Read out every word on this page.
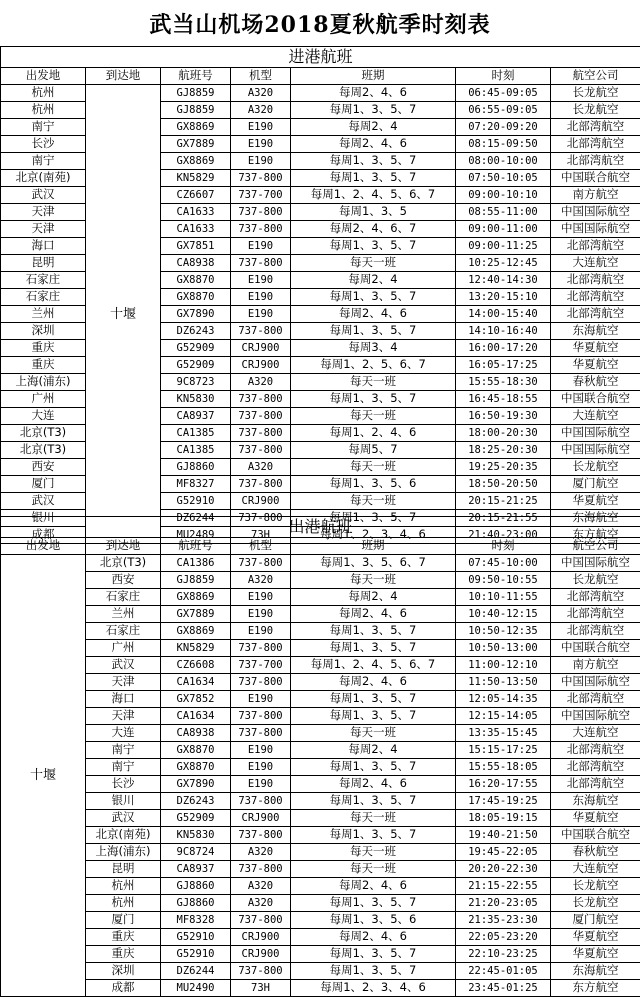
武当山机场2018夏秋航季时刻表
进港航班						
出发地	到达地	航班号	机型	班期	时刻	航空公司
杭州	十堰	GJ8859	A320	每周2、4、6	06:45-09:05	长龙航空
杭州		GJ8859	A320	每周1、3、5、7	06:55-09:05	长龙航空
南宁		GX8869	E190	每周2、4	07:20-09:20	北部湾航空
长沙		GX7889	E190	每周2、4、6	08:15-09:50	北部湾航空
南宁		GX8869	E190	每周1、3、5、7	08:00-10:00	北部湾航空
北京(南苑)		KN5829	737-800	每周1、3、5、7	07:50-10:05	中国联合航空
武汉		CZ6607	737-700	每周1、2、4、5、6、7	09:00-10:10	南方航空
天津		CA1633	737-800	每周1、3、5	08:55-11:00	中国国际航空
天津		CA1633	737-800	每周2、4、6、7	09:00-11:00	中国国际航空
海口		GX7851	E190	每周1、3、5、7	09:00-11:25	北部湾航空
昆明		CA8938	737-800	每天一班	10:25-12:45	大连航空
石家庄		GX8870	E190	每周2、4	12:40-14:30	北部湾航空
石家庄		GX8870	E190	每周1、3、5、7	13:20-15:10	北部湾航空
兰州		GX7890	E190	每周2、4、6	14:00-15:40	北部湾航空
深圳		DZ6243	737-800	每周1、3、5、7	14:10-16:40	东海航空
重庆		G52909	CRJ900	每周3、4	16:00-17:20	华夏航空
重庆		G52909	CRJ900	每周1、2、5、6、7	16:05-17:25	华夏航空
上海(浦东)		9C8723	A320	每天一班	15:55-18:30	春秋航空
广州		KN5830	737-800	每周1、3、5、7	16:45-18:55	中国联合航空
大连		CA8937	737-800	每天一班	16:50-19:30	大连航空
北京(T3)		CA1385	737-800	每周1、2、4、6	18:00-20:30	中国国际航空
北京(T3)		CA1385	737-800	每周5、7	18:25-20:30	中国国际航空
西安		GJ8860	A320	每天一班	19:25-20:35	长龙航空
厦门		MF8327	737-800	每周1、3、5、6	18:50-20:50	厦门航空
武汉		G52910	CRJ900	每天一班	20:15-21:25	华夏航空
银川		DZ6244	737-800	每周1、3、5、7	20:15-21:55	东海航空
成都		MU2489	73H	每周1、2、3、4、6	21:40-23:00	东方航空
出港航班						
出发地	到达地	航班号	机型	班期	时刻	航空公司
十堰	北京(T3)	CA1386	737-800	每周1、3、5、6、7	07:45-10:00	中国国际航空
	西安	GJ8859	A320	每天一班	09:50-10:55	长龙航空
	石家庄	GX8869	E190	每周2、4	10:10-11:55	北部湾航空
	兰州	GX7889	E190	每周2、4、6	10:40-12:15	北部湾航空
	石家庄	GX8869	E190	每周1、3、5、7	10:50-12:35	北部湾航空
	广州	KN5829	737-800	每周1、3、5、7	10:50-13:00	中国联合航空
	武汉	CZ6608	737-700	每周1、2、4、5、6、7	11:00-12:10	南方航空
	天津	CA1634	737-800	每周2、4、6	11:50-13:50	中国国际航空
	海口	GX7852	E190	每周1、3、5、7	12:05-14:35	北部湾航空
	天津	CA1634	737-800	每周1、3、5、7	12:15-14:05	中国国际航空
	大连	CA8938	737-800	每天一班	13:35-15:45	大连航空
	南宁	GX8870	E190	每周2、4	15:15-17:25	北部湾航空
	南宁	GX8870	E190	每周1、3、5、7	15:55-18:05	北部湾航空
	长沙	GX7890	E190	每周2、4、6	16:20-17:55	北部湾航空
	银川	DZ6243	737-800	每周1、3、5、7	17:45-19:25	东海航空
	武汉	G52909	CRJ900	每天一班	18:05-19:15	华夏航空
	北京(南苑)	KN5830	737-800	每周1、3、5、7	19:40-21:50	中国联合航空
	上海(浦东)	9C8724	A320	每天一班	19:45-22:05	春秋航空
	昆明	CA8937	737-800	每天一班	20:20-22:30	大连航空
	杭州	GJ8860	A320	每周2、4、6	21:15-22:55	长龙航空
	杭州	GJ8860	A320	每周1、3、5、7	21:20-23:05	长龙航空
	厦门	MF8328	737-800	每周1、3、5、6	21:35-23:30	厦门航空
	重庆	G52910	CRJ900	每周2、4、6	22:05-23:20	华夏航空
	重庆	G52910	CRJ900	每周1、3、5、7	22:10-23:25	华夏航空
	深圳	DZ6244	737-800	每周1、3、5、7	22:45-01:05	东海航空
	成都	MU2490	73H	每周1、2、3、4、6	23:45-01:25	东方航空
